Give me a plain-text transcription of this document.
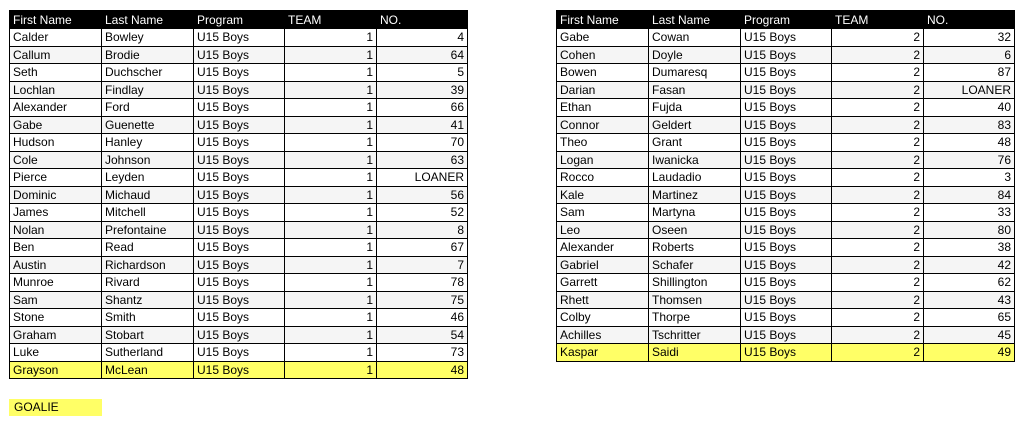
First Name	Last Name	Program	TEAM	NO.
Calder	Bowley	U15 Boys	1	4
Callum	Brodie	U15 Boys	1	64
Seth	Duchscher	U15 Boys	1	5
Lochlan	Findlay	U15 Boys	1	39
Alexander	Ford	U15 Boys	1	66
Gabe	Guenette	U15 Boys	1	41
Hudson	Hanley	U15 Boys	1	70
Cole	Johnson	U15 Boys	1	63
Pierce	Leyden	U15 Boys	1	LOANER
Dominic	Michaud	U15 Boys	1	56
James	Mitchell	U15 Boys	1	52
Nolan	Prefontaine	U15 Boys	1	8
Ben	Read	U15 Boys	1	67
Austin	Richardson	U15 Boys	1	7
Munroe	Rivard	U15 Boys	1	78
Sam	Shantz	U15 Boys	1	75
Stone	Smith	U15 Boys	1	46
Graham	Stobart	U15 Boys	1	54
Luke	Sutherland	U15 Boys	1	73
Grayson	McLean	U15 Boys	1	48
First Name	Last Name	Program	TEAM	NO.
Gabe	Cowan	U15 Boys	2	32
Cohen	Doyle	U15 Boys	2	6
Bowen	Dumaresq	U15 Boys	2	87
Darian	Fasan	U15 Boys	2	LOANER
Ethan	Fujda	U15 Boys	2	40
Connor	Geldert	U15 Boys	2	83
Theo	Grant	U15 Boys	2	48
Logan	Iwanicka	U15 Boys	2	76
Rocco	Laudadio	U15 Boys	2	3
Kale	Martinez	U15 Boys	2	84
Sam	Martyna	U15 Boys	2	33
Leo	Oseen	U15 Boys	2	80
Alexander	Roberts	U15 Boys	2	38
Gabriel	Schafer	U15 Boys	2	42
Garrett	Shillington	U15 Boys	2	62
Rhett	Thomsen	U15 Boys	2	43
Colby	Thorpe	U15 Boys	2	65
Achilles	Tschritter	U15 Boys	2	45
Kaspar	Saidi	U15 Boys	2	49
GOALIE
